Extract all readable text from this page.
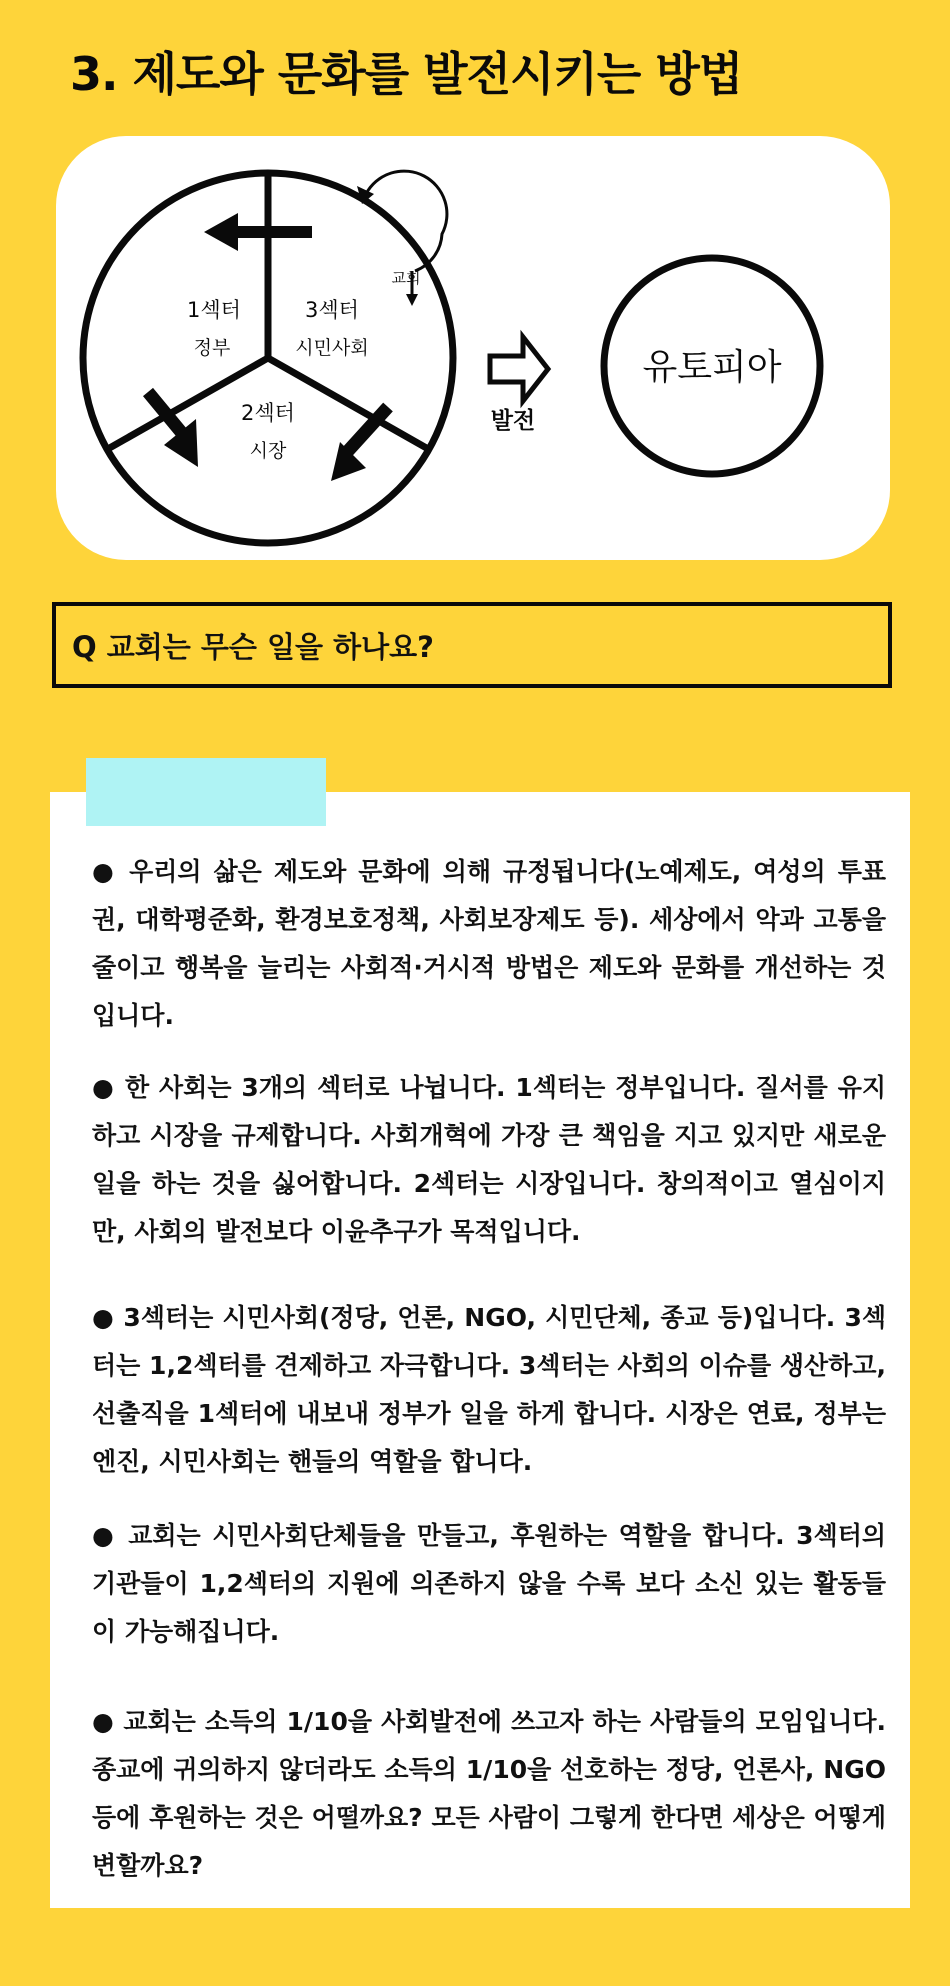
3. 제도와 문화를 발전시키는 방법
1섹터
정부
3섹터
시민사회
2섹터
시장
교회
발전
유토피아
Q 교회는 무슨 일을 하나요?

● 우리의 삶은 제도와 문화에 의해 규정됩니다(노예제도, 여성의 투표권, 대학평준화, 환경보호정책, 사회보장제도 등). 세상에서 악과 고통을 줄이고 행복을 늘리는 사회적·거시적 방법은 제도와 문화를 개선하는 것입니다.

● 한 사회는 3개의 섹터로 나뉩니다. 1섹터는 정부입니다. 질서를 유지하고 시장을 규제합니다. 사회개혁에 가장 큰 책임을 지고 있지만 새로운 일을 하는 것을 싫어합니다. 2섹터는 시장입니다. 창의적이고 열심이지만, 사회의 발전보다 이윤추구가 목적입니다.

● 3섹터는 시민사회(정당, 언론, NGO, 시민단체, 종교 등)입니다. 3섹터는 1,2섹터를 견제하고 자극합니다. 3섹터는 사회의 이슈를 생산하고, 선출직을 1섹터에 내보내 정부가 일을 하게 합니다. 시장은 연료, 정부는 엔진, 시민사회는 핸들의 역할을 합니다.

● 교회는 시민사회단체들을 만들고, 후원하는 역할을 합니다. 3섹터의 기관들이 1,2섹터의 지원에 의존하지 않을 수록 보다 소신 있는 활동들이 가능해집니다.

● 교회는 소득의 1/10을 사회발전에 쓰고자 하는 사람들의 모임입니다. 종교에 귀의하지 않더라도 소득의 1/10을 선호하는 정당, 언론사, NGO 등에 후원하는 것은 어떨까요? 모든 사람이 그렇게 한다면 세상은 어떻게 변할까요?
